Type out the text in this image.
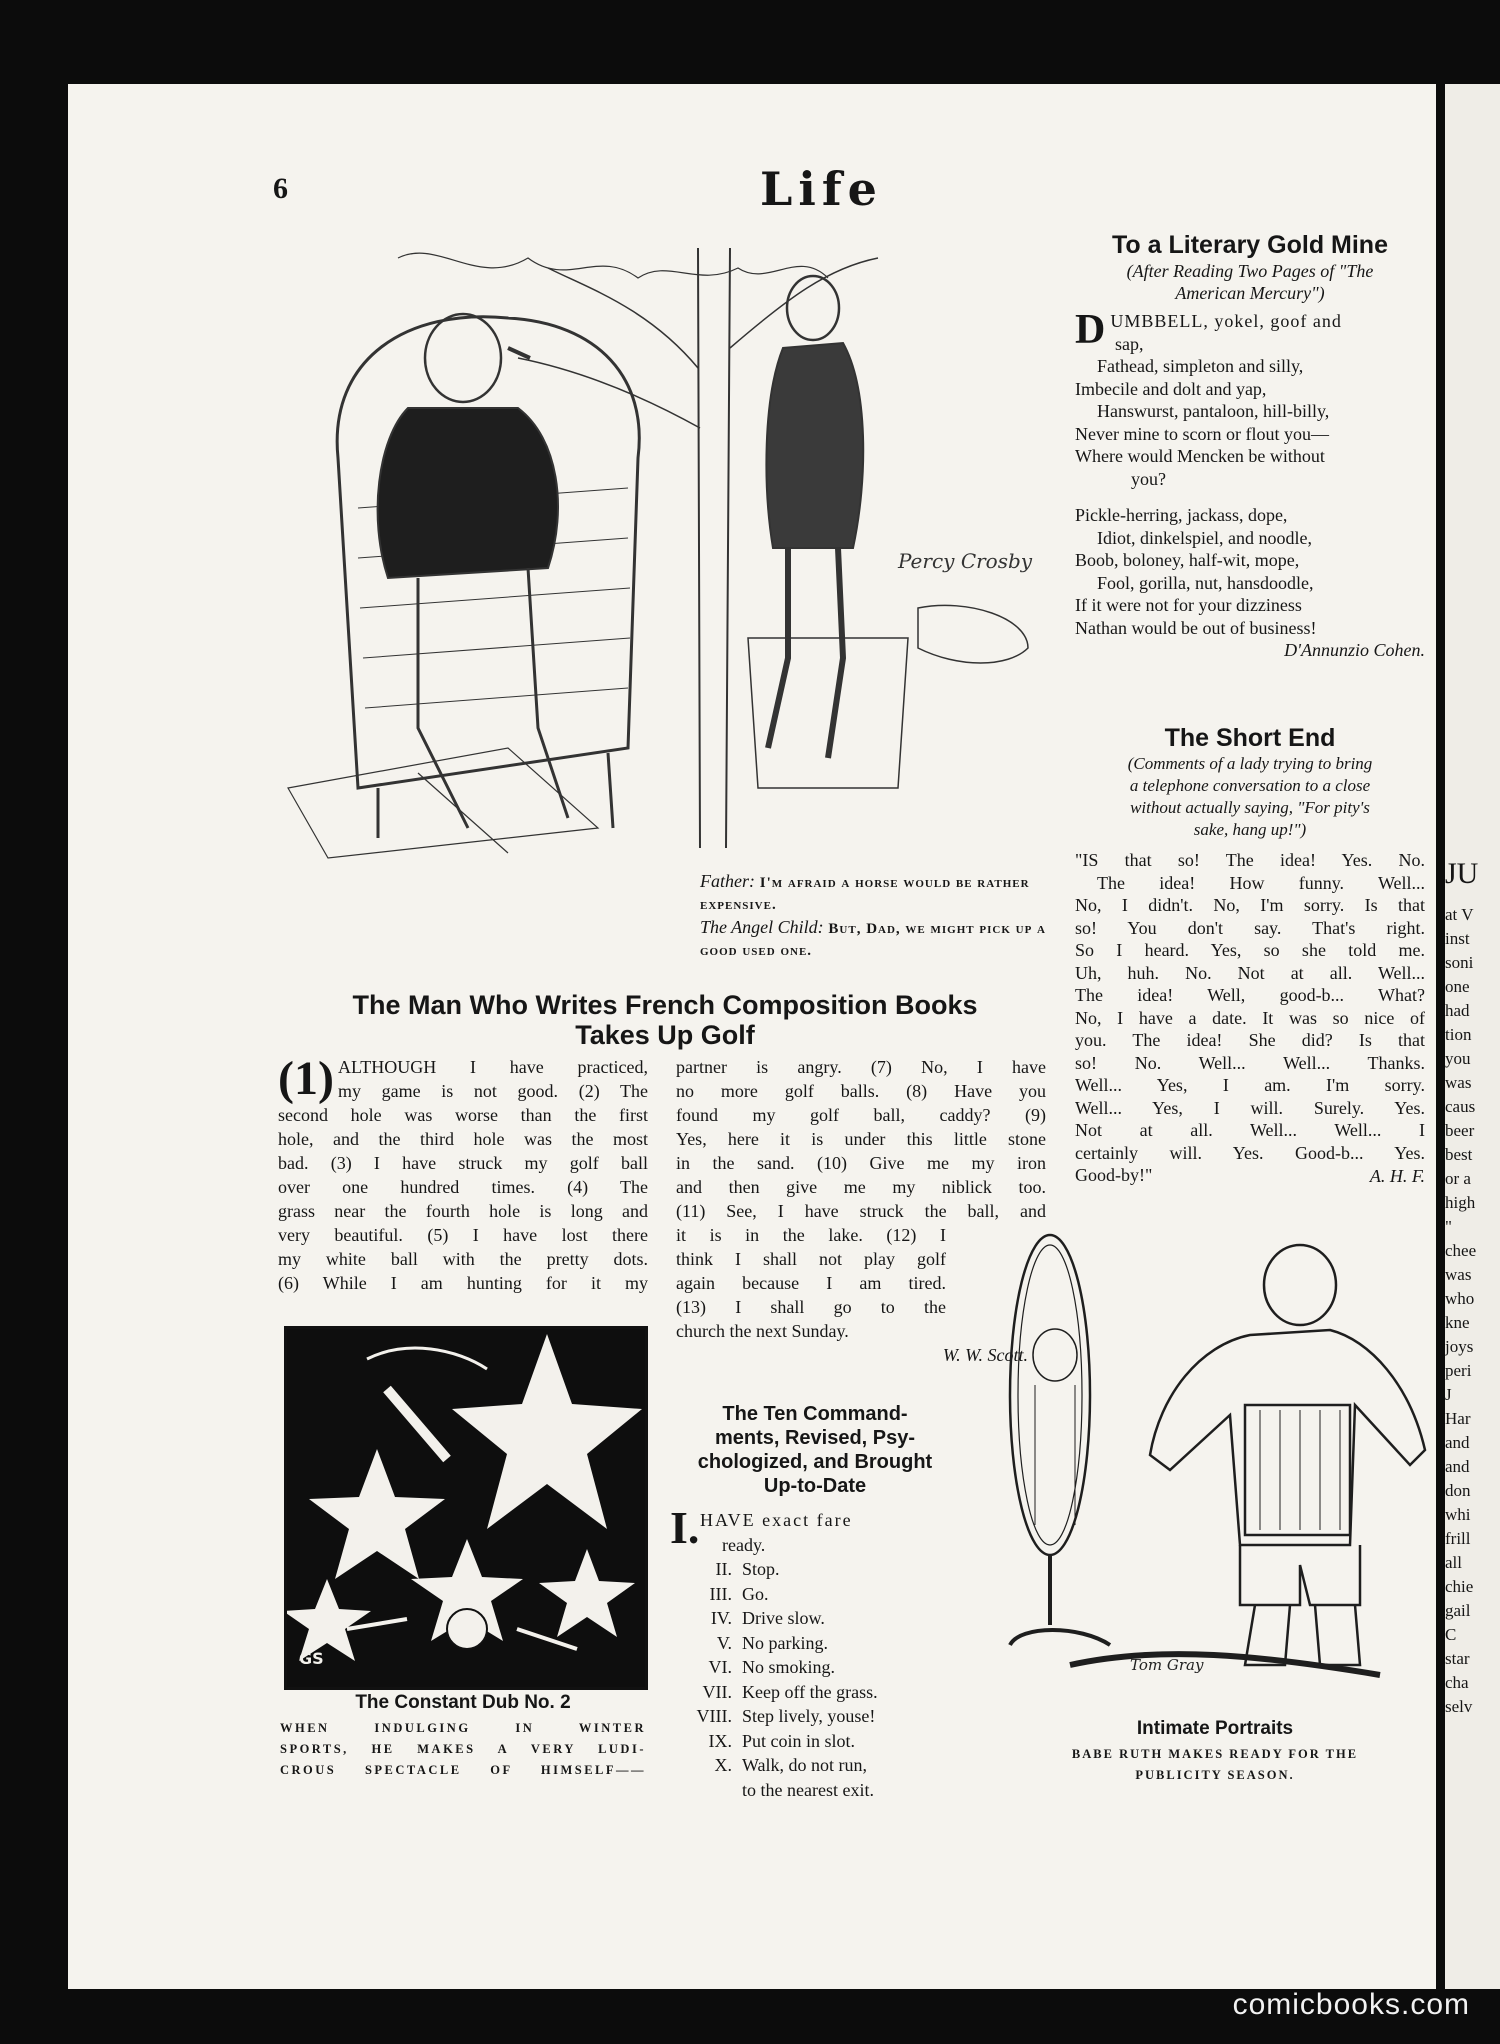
JU
at V
inst
soni
one
had
tion
you
was
caus
beer
best
or a
high
"
chee
was
who
kne
joys
peri
J
Har
and
and
don
whi
frill
all
chie
gail
C
star
cha
selv
6	Life
Percy Crosby
Father: I'm afraid a horse would be rather expensive.
The Angel Child: But, Dad, we might pick up a good used one.
To a Literary Gold Mine
(After Reading Two Pages of "The
American Mercury")
DUMBBELL, yokel, goof and
sap,
Fathead, simpleton and silly,
Imbecile and dolt and yap,
Hanswurst, pantaloon, hill-billy,
Never mine to scorn or flout you—
Where would Mencken be without
you?
Pickle-herring, jackass, dope,
Idiot, dinkelspiel, and noodle,
Boob, boloney, half-wit, mope,
Fool, gorilla, nut, hansdoodle,
If it were not for your dizziness
Nathan would be out of business!
D'Annunzio Cohen.
The Short End
(Comments of a lady trying to bring
a telephone conversation to a close
without actually saying, "For pity's
sake, hang up!")
"IS that so! The idea! Yes. No.
The idea! How funny. Well...
No, I didn't. No, I'm sorry. Is that
so! You don't say. That's right.
So I heard. Yes, so she told me.
Uh, huh. No. Not at all. Well...
The idea! Well, good-b... What?
No, I have a date. It was so nice of
you. The idea! She did? Is that
so! No. Well... Well... Thanks.
Well... Yes, I am. I'm sorry.
Well... Yes, I will. Surely. Yes.
Not at all. Well... Well... I
certainly will. Yes. Good-b... Yes.
Good-by!"	A. H. F.
The Man Who Writes French Composition Books
Takes Up Golf
(1) ALTHOUGH I have practiced,
my game is not good. (2) The
second hole was worse than the first
hole, and the third hole was the most
bad. (3) I have struck my golf ball
over one hundred times. (4) The
grass near the fourth hole is long and
very beautiful. (5) I have lost there
my white ball with the pretty dots.
(6) While I am hunting for it my
partner is angry. (7) No, I have
no more golf balls. (8) Have you
found my golf ball, caddy? (9)
Yes, here it is under this little stone
in the sand. (10) Give me my iron
and then give me my niblick too.
(11) See, I have struck the ball, and
it is in the lake. (12) I
think I shall not play golf
again because I am tired.
(13) I shall go to the
church the next Sunday.
W. W. Scott.
GS
The Constant Dub No. 2
WHEN INDULGING IN WINTER
SPORTS, HE MAKES A VERY LUDI-
CROUS SPECTACLE OF HIMSELF——
The Ten Command-
ments, Revised, Psy-
chologized, and Brought
Up-to-Date
I. HAVE exact fare
ready.
II. Stop.
III. Go.
IV. Drive slow.
V. No parking.
VI. No smoking.
VII. Keep off the grass.
VIII. Step lively, youse!
IX. Put coin in slot.
X. Walk, do not run,
to the nearest exit.
Tom Gray
Intimate Portraits
BABE RUTH MAKES READY FOR THE
PUBLICITY SEASON.
comicbooks.com
